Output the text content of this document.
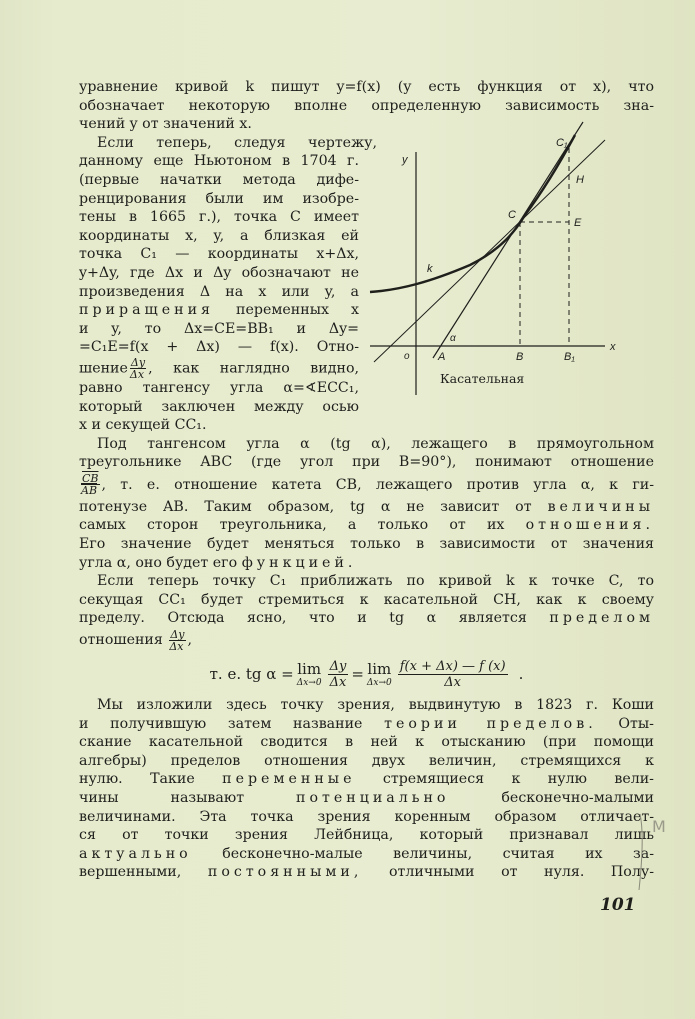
уравнение кривой k пишут y=f(x) (y есть функция от x), что
обозначает некоторую вполне определенную зависимость зна-
чений y от значений x.
Если теперь, следуя чертежу,
данному еще Ньютоном в 1704 г.
(первые начатки метода дифе-
ренцирования были им изобре-
тены в 1665 г.), точка C имеет
координаты x, y, а близкая ей
точка C₁ — координаты x+Δx,
y+Δy, где Δx и Δy обозначают не
произведения Δ на x или y, а
приращения переменных x
и y, то Δx=CE=BB₁ и Δy=
=C₁E=f(x + Δx) — f(x). Отно-
шение $\frac{\Delta y}{\Delta x}$ , как наглядно видно,
равно тангенсу угла α=∢ECC₁,
который заключен между осью
x и секущей CC₁.
Под тангенсом угла α (tg α), лежащего в прямоугольном
треугольнике ABC (где угол при B=90°), понимают отношение
$\frac{\overline{CB}}{AB}$ , т. е. отношение катета CB, лежащего против угла α, к ги-
потенузе AB. Таким образом, tg α не зависит от величины
самых сторон треугольника, а только от их отношения.
Его значение будет меняться только в зависимости от значения
угла α, оно будет его функцией.
Если теперь точку C₁ приближать по кривой k к точке C, то
секущая CC₁ будет стремиться к касательной CH, как к своему
пределу. Отсюда ясно, что и tg α является пределом
отношения $\frac{\Delta y}{\Delta x}$ ,
т. е. tg α = lim
$\Delta x\to 0 \frac{\Delta y}{\Delta x} = \lim$
$\Delta x\to 0 \frac{f(x + \Delta x) — f (x)}{\Delta x}$ .
Мы изложили здесь точку зрения, выдвинутую в 1823 г. Коши
и получившую затем название теории пределов. Оты-
скание касательной сводится в ней к отысканию (при помощи
алгебры) пределов отношения двух величин, стремящихся к
нулю. Такие переменные стремящиеся к нулю вели-
чины называют	потенциально	бесконечно-малыми
величинами. Эта точка зрения коренным образом отличает-
ся от точки зрения Лейбница, который признавал лишь
актуально бесконечно-малые величины, считая их за-
вершенными, постоянными, отличными от нуля. Полу-
y
x
o
k
A	B	B₁
C
C₁
E
H
α
Касательная
М
101
